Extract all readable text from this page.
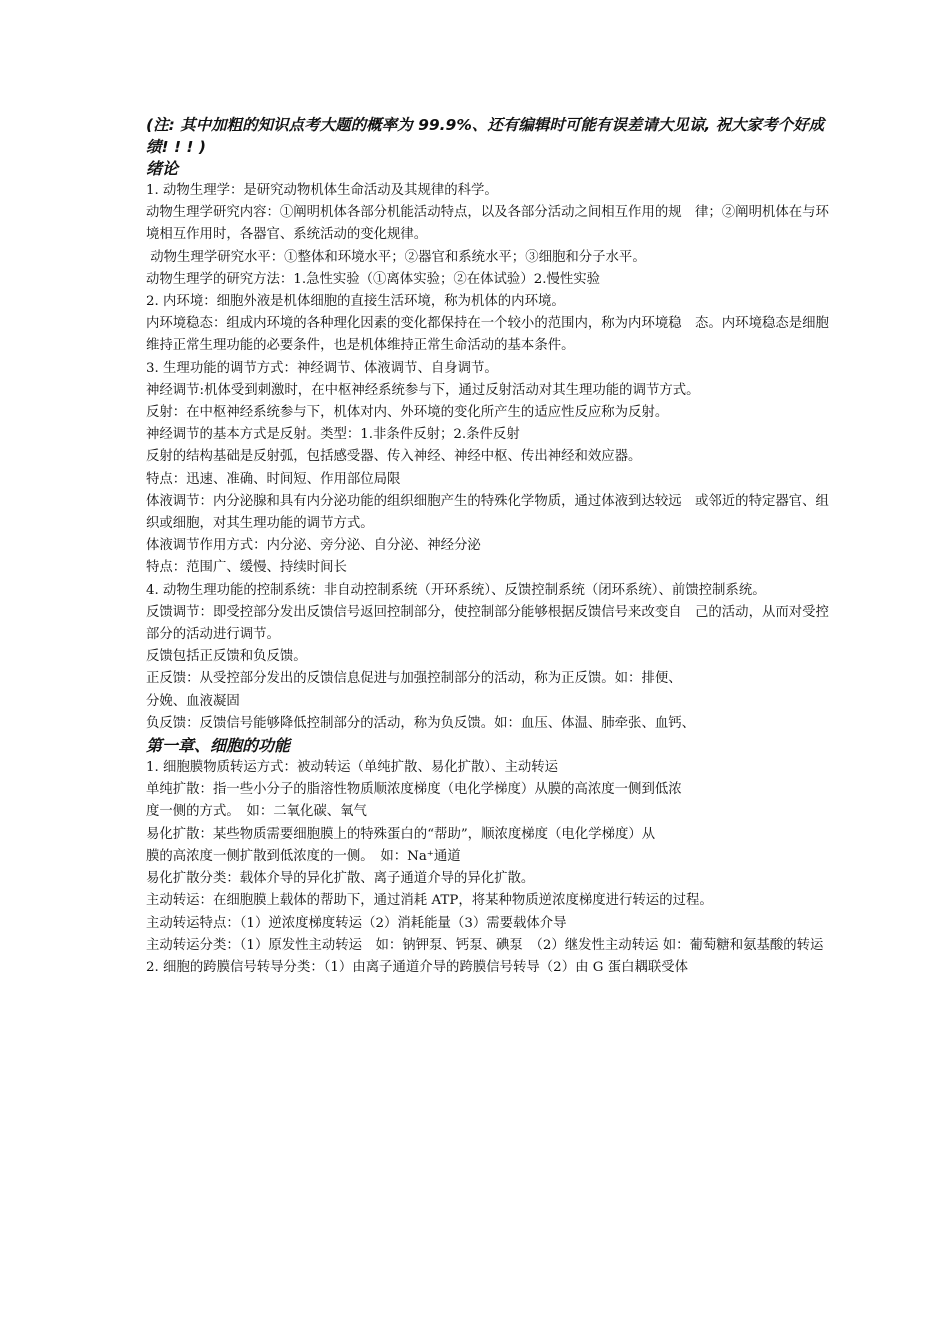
(注: 其中加粗的知识点考大题的概率为 99.9%、还有编辑时可能有误差请大见谅, 祝大家考个好成绩! ! ! )
绪论

1. 动物生理学：是研究动物机体生命活动及其规律的科学。

动物生理学研究内容：①阐明机体各部分机能活动特点，以及各部分活动之间相互作用的规　律；②阐明机体在与环境相互作用时，各器官、系统活动的变化规律。

动物生理学研究水平：①整体和环境水平；②器官和系统水平；③细胞和分子水平。

动物生理学的研究方法：1.急性实验（①离体实验；②在体试验）2.慢性实验

2. 内环境：细胞外液是机体细胞的直接生活环境，称为机体的内环境。

内环境稳态：组成内环境的各种理化因素的变化都保持在一个较小的范围内，称为内环境稳　态。内环境稳态是细胞维持正常生理功能的必要条件，也是机体维持正常生命活动的基本条件。

3. 生理功能的调节方式：神经调节、体液调节、自身调节。

神经调节:机体受到刺激时，在中枢神经系统参与下，通过反射活动对其生理功能的调节方式。

反射：在中枢神经系统参与下，机体对内、外环境的变化所产生的适应性反应称为反射。

神经调节的基本方式是反射。类型：1.非条件反射；2.条件反射

反射的结构基础是反射弧，包括感受器、传入神经、神经中枢、传出神经和效应器。

特点：迅速、准确、时间短、作用部位局限

体液调节：内分泌腺和具有内分泌功能的组织细胞产生的特殊化学物质，通过体液到达较远　或邻近的特定器官、组织或细胞，对其生理功能的调节方式。

体液调节作用方式：内分泌、旁分泌、自分泌、神经分泌

特点：范围广、缓慢、持续时间长

4. 动物生理功能的控制系统：非自动控制系统（开环系统）、反馈控制系统（闭环系统）、前馈控制系统。

反馈调节：即受控部分发出反馈信号返回控制部分，使控制部分能够根据反馈信号来改变自　己的活动，从而对受控部分的活动进行调节。

反馈包括正反馈和负反馈。

正反馈：从受控部分发出的反馈信息促进与加强控制部分的活动，称为正反馈。如：排便、
分娩、血液凝固

负反馈：反馈信号能够降低控制部分的活动，称为负反馈。如：血压、体温、肺牵张、血钙、

第一章、细胞的功能

1. 细胞膜物质转运方式：被动转运（单纯扩散、易化扩散）、主动转运

单纯扩散：指一些小分子的脂溶性物质顺浓度梯度（电化学梯度）从膜的高浓度一侧到低浓
度一侧的方式。　如：二氧化碳、氧气

易化扩散：某些物质需要细胞膜上的特殊蛋白的“帮助”，顺浓度梯度（电化学梯度）从
膜的高浓度一侧扩散到低浓度的一侧。　如：Na⁺通道

易化扩散分类：载体介导的异化扩散、离子通道介导的异化扩散。

主动转运：在细胞膜上载体的帮助下，通过消耗 ATP，将某种物质逆浓度梯度进行转运的过程。

主动转运特点：（1）逆浓度梯度转运（2）消耗能量（3）需要载体介导

主动转运分类：（1）原发性主动转运　如：钠钾泵、钙泵、碘泵　（2）继发性主动转运 如：葡萄糖和氨基酸的转运

2. 细胞的跨膜信号转导分类：（1）由离子通道介导的跨膜信号转导（2）由 G 蛋白耦联受体
